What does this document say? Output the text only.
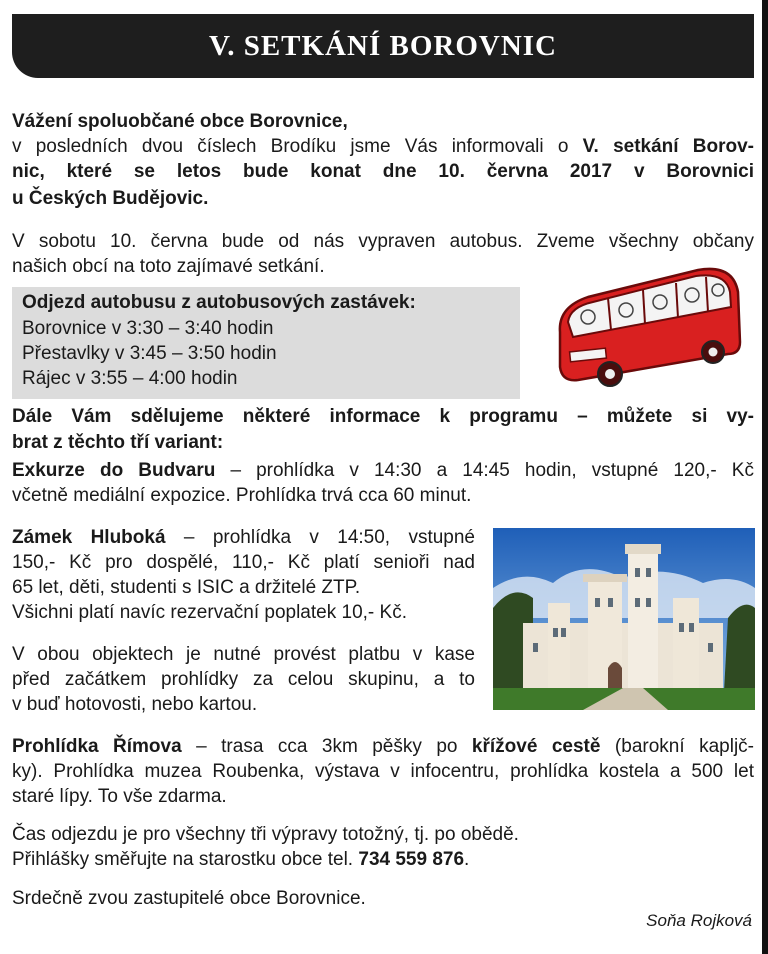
V. SETKÁNÍ BOROVNIC
Vážení spoluobčané obce Borovnice,
v posledních dvou číslech Brodíku jsme Vás informovali o V. setkání Borov-
nic, které se letos bude konat dne 10. června 2017 v Borovnici
u Českých Budějovic.
V sobotu 10. června bude od nás vypraven autobus. Zveme všechny občany
našich obcí na toto zajímavé setkání.
Odjezd autobusu z autobusových zastávek:
Borovnice v 3:30 – 3:40 hodin
Přestavlky v 3:45 – 3:50 hodin
Rájec v 3:55 – 4:00 hodin
Dále Vám sdělujeme některé informace k programu – můžete si vy-
brat z těchto tří variant:
Exkurze do Budvaru – prohlídka v 14:30 a 14:45 hodin, vstupné 120,- Kč
včetně mediální expozice. Prohlídka trvá cca 60 minut.
Zámek Hluboká – prohlídka v 14:50, vstupné
150,- Kč pro dospělé, 110,- Kč platí senioři nad
65 let, děti, studenti s ISIC a držitelé ZTP.
Všichni platí navíc rezervační poplatek 10,- Kč.
V obou objektech je nutné provést platbu v kase
před začátkem prohlídky za celou skupinu, a to
v buď hotovosti, nebo kartou.
Prohlídka Římova – trasa cca 3km pěšky po křížové cestě (barokní kapljč-
ky). Prohlídka muzea Roubenka, výstava v infocentru, prohlídka kostela a 500 let
staré lípy. To vše zdarma.
Čas odjezdu je pro všechny tři výpravy totožný, tj. po obědě.
Přihlášky směřujte na starostku obce tel. 734 559 876.
Srdečně zvou zastupitelé obce Borovnice.
Soňa Rojková
